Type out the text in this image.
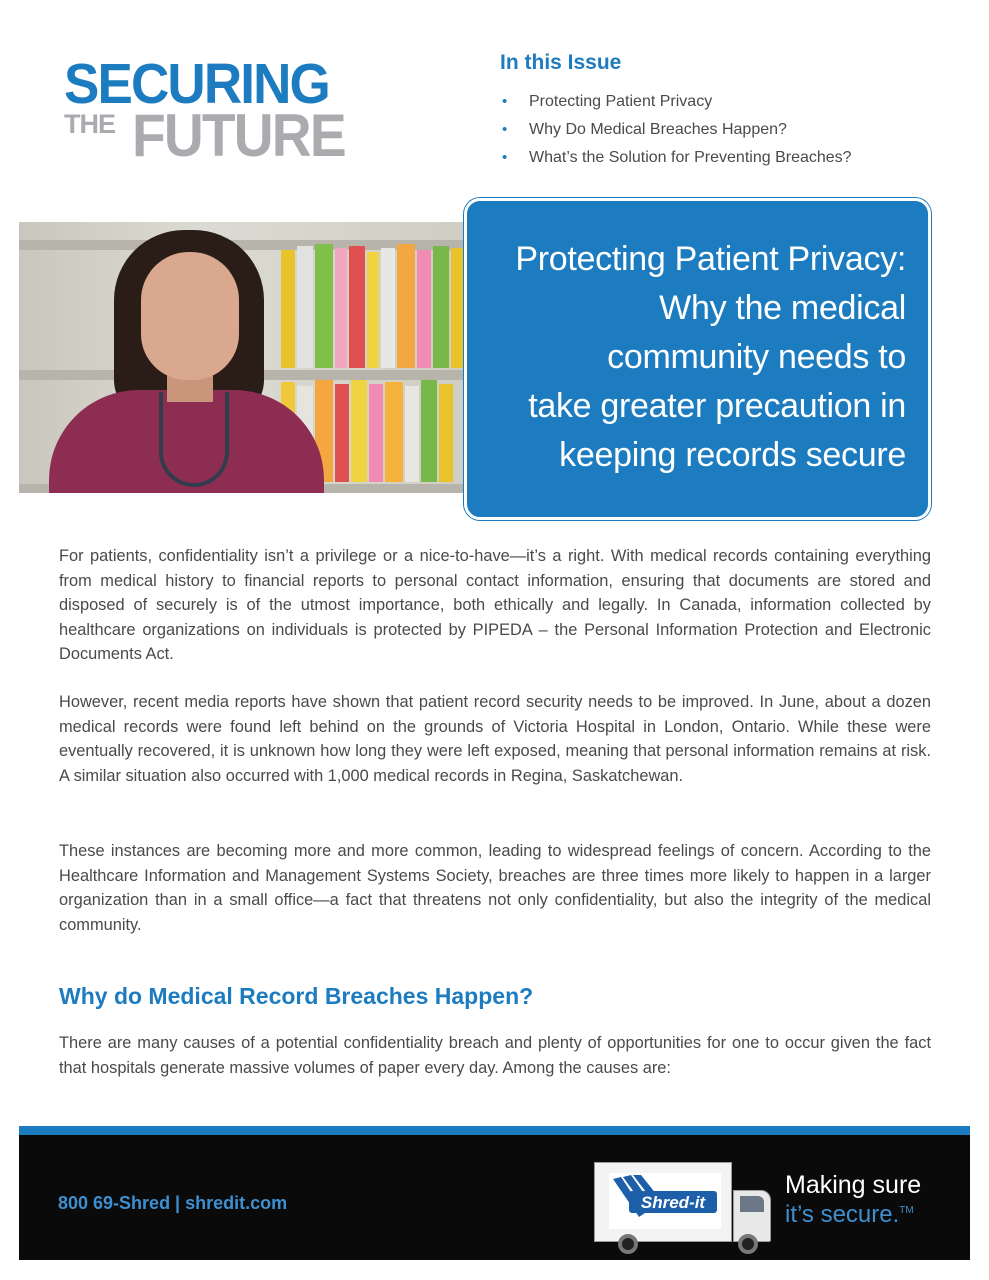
SECURING
THE FUTURE
In this Issue
• Protecting Patient Privacy
• Why Do Medical Breaches Happen?
• What’s the Solution for Preventing Breaches?
Protecting Patient Privacy:
Why the medical
community needs to
take greater precaution in
keeping records secure

For patients, confidentiality isn’t a privilege or a nice-to-have—it’s a right. With medical records containing everything from medical history to financial reports to personal contact information, ensuring that documents are stored and disposed of securely is of the utmost importance, both ethically and legally. In Canada, information collected by healthcare organizations on individuals is protected by PIPEDA – the Personal Information Protection and Electronic Documents Act.

However, recent media reports have shown that patient record security needs to be improved. In June, about a dozen medical records were found left behind on the grounds of Victoria Hospital in London, Ontario. While these were eventually recovered, it is unknown how long they were left exposed, meaning that personal information remains at risk. A similar situation also occurred with 1,000 medical records in Regina, Saskatchewan.

These instances are becoming more and more common, leading to widespread feelings of concern. According to the Healthcare Information and Management Systems Society, breaches are three times more likely to happen in a larger organization than in a small office—a fact that threatens not only confidentiality, but also the integrity of the medical community.

Why do Medical Record Breaches Happen?

There are many causes of a potential confidentiality breach and plenty of opportunities for one to occur given the fact that hospitals generate massive volumes of paper every day. Among the causes are:

800 69-Shred | shredit.com	Shred-it
Making sure
it’s secure.™
